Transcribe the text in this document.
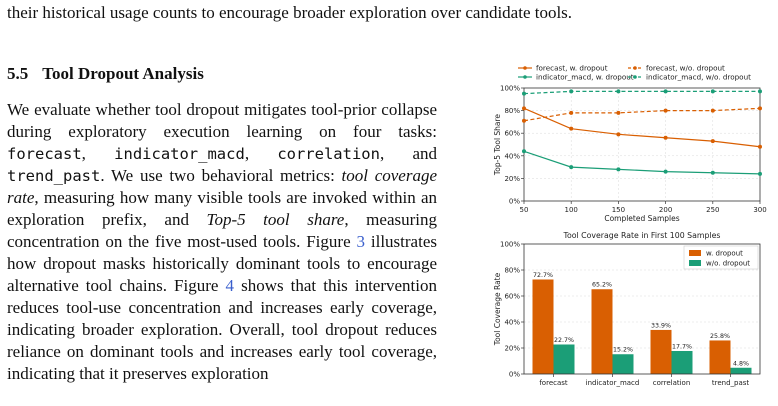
their historical usage counts to encourage broader exploration over candidate tools.
5.5 Tool Dropout Analysis

We evaluate whether tool dropout mitigates tool-prior collapse during exploratory execution learning on four tasks: forecast, indicator_macd, correlation, and trend_past. We use two behavioral metrics: tool coverage rate, measuring how many visible tools are invoked within an exploration prefix, and Top-5 tool share, measuring concentration on the five most-used tools. Figure 3 illustrates how dropout masks historically dominant tools to encourage alternative tool chains. Figure 4 shows that this intervention reduces tool-use concentration and increases early coverage, indicating broader exploration. Overall, tool dropout reduces reliance on dominant tools and increases early tool coverage, indicating that it preserves exploration

forecast, w. dropout	forecast, w/o. dropout
indicator_macd, w. dropout indicator_macd, w/o. dropout
0%
20%
40%
60%
80%
100%
50	100	150	200	250	300
Completed Samples
Top-5 Tool Share
Tool Coverage Rate in First 100 Samples
0%
20%
40%
60%
80%
100%
72.7%
22.7%
forecast
65.2%
15.2%
indicator_macd
33.9%
17.7%
correlation
25.8%
4.8%
trend_past
Tool Coverage Rate
w. dropout
w/o. dropout
